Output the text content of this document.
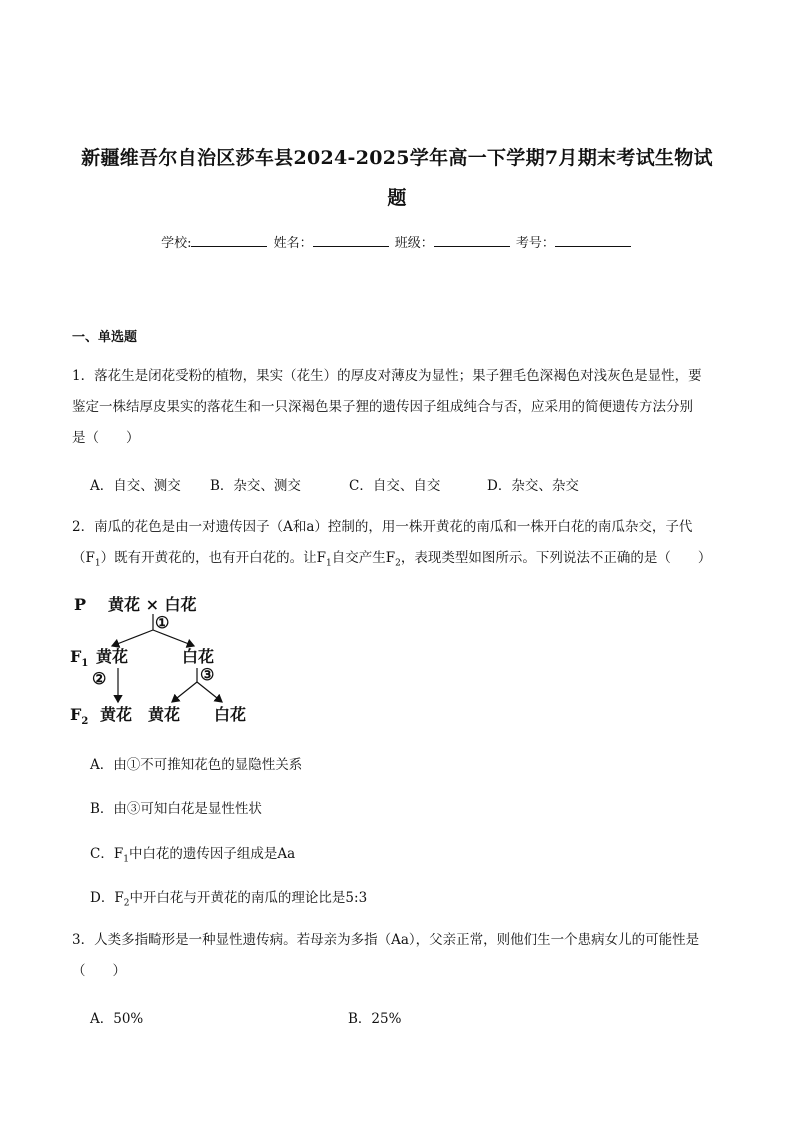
新疆维吾尔自治区莎车县2024-2025学年高一下学期7月期末考试生物试
题
学校:	姓名：	班级：	考号：
一、单选题
1．落花生是闭花受粉的植物，果实（花生）的厚皮对薄皮为显性；果子狸毛色深褐色对浅灰色是显性，要
鉴定一株结厚皮果实的落花生和一只深褐色果子狸的遗传因子组成纯合与否，应采用的简便遗传方法分别
是（　　）
A．自交、测交 B．杂交、测交	C．自交、自交	D．杂交、杂交
2．南瓜的花色是由一对遗传因子（A和a）控制的，用一株开黄花的南瓜和一株开白花的南瓜杂交，子代
$(F_1)$既有开黄花的，也有开白花的。让$F_1$自交产生$F_2$，表现类型如图所示。下列说法不正确的是（　　）
P 黄花 × 白花
①
$F_1$ 黄花	白花
②	③
$F_2$ 黄花 黄花 白花
A．由①不可推知花色的显隐性关系
B．由③可知白花是显性性状
C．$F_1$中白花的遗传因子组成是Aa
D．$F_2$中开白花与开黄花的南瓜的理论比是5:3
3．人类多指畸形是一种显性遗传病。若母亲为多指（Aa），父亲正常，则他们生一个患病女儿的可能性是
（　　）
A．50%	B．25%
